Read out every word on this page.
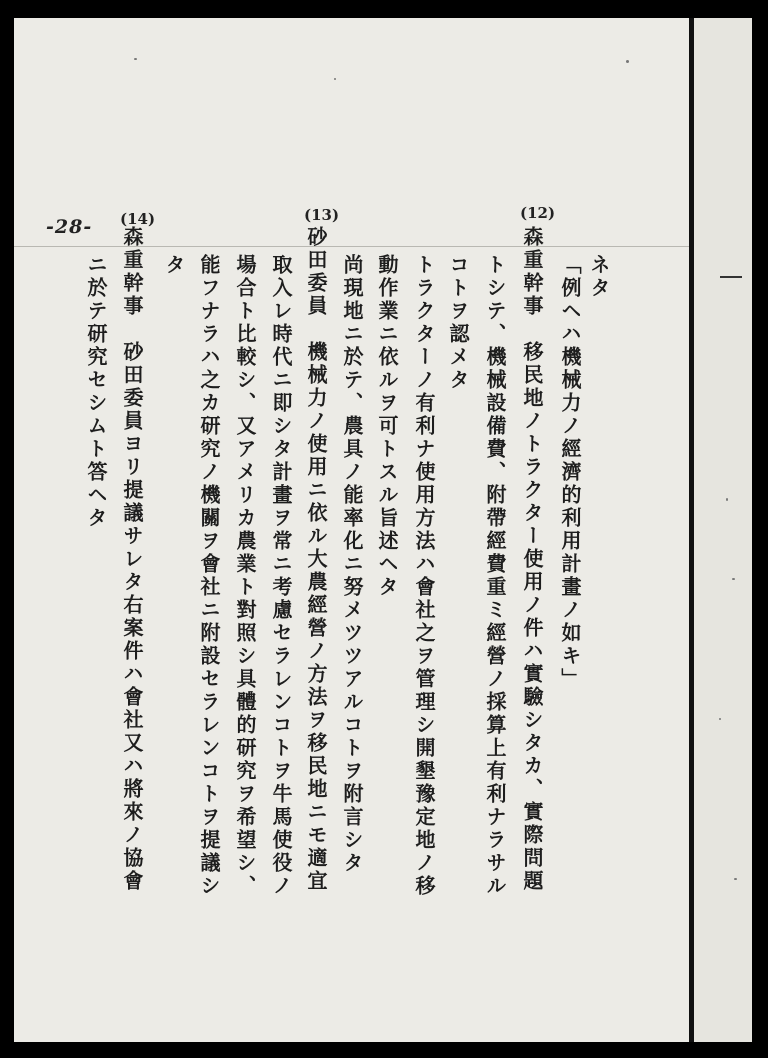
-28-
(12)
(13)
(14)
ネタ
「例ヘハ機械力ノ經濟的利用計畫ノ如キ」
森重幹事　移民地ノトラクター使用ノ件ハ實驗シタカ、實際問題
トシテ、機械設備費、附帶經費重ミ經營ノ採算上有利ナラサル
コトヲ認メタ
トラクターノ有利ナ使用方法ハ會社之ヲ管理シ開墾豫定地ノ移
動作業ニ依ルヲ可トスル旨述ヘタ
尚現地ニ於テ、農具ノ能率化ニ努メツツアルコトヲ附言シタ
砂田委員　機械力ノ使用ニ依ル大農經營ノ方法ヲ移民地ニモ適宜
取入レ時代ニ即シタ計畫ヲ常ニ考慮セラレンコトヲ牛馬使役ノ
場合ト比較シ、又アメリカ農業ト對照シ具體的研究ヲ希望シ、
能フナラハ之カ研究ノ機關ヲ會社ニ附設セラレンコトヲ提議シ
タ
森重幹事　砂田委員ヨリ提議サレタ右案件ハ會社又ハ將來ノ協會
ニ於テ研究セシムト答ヘタ
